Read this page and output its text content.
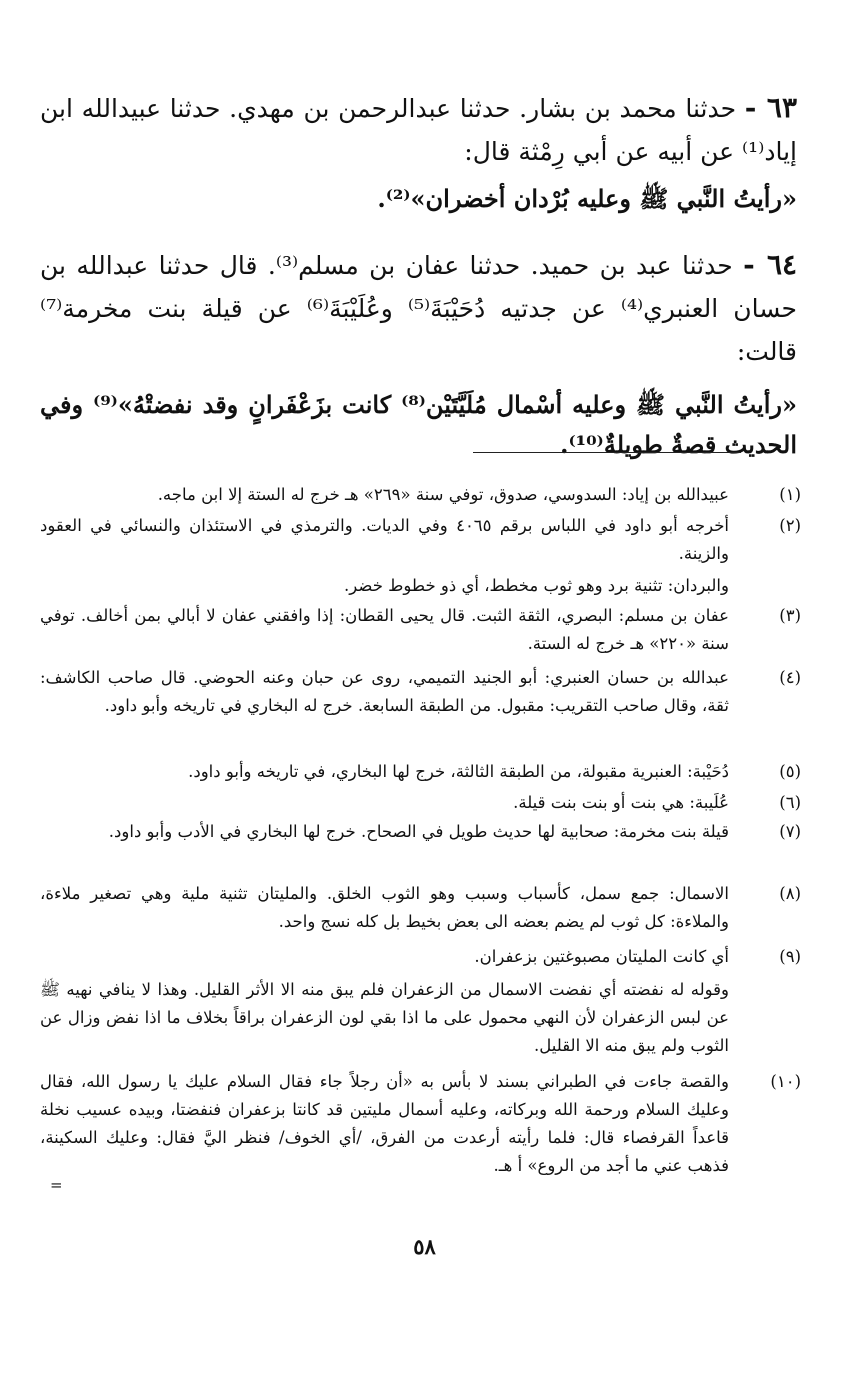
٦٣ - حدثنا محمد بن بشار. حدثنا عبدالرحمن بن مهدي. حدثنا عبيدالله ابن إياد⁽¹⁾ عن أبيه عن أبي رِمْثة قال:

«رأيتُ النَّبي ﷺ وعليه بُرْدان أخضران»⁽²⁾.

٦٤ - حدثنا عبد بن حميد. حدثنا عفان بن مسلم⁽³⁾. قال حدثنا عبدالله بن حسان العنبري⁽⁴⁾ عن جدتيه دُحَيْبَةَ⁽⁵⁾ وعُلَيْبَةَ⁽⁶⁾ عن قيلة بنت مخرمة⁽⁷⁾ قالت:

«رأيتُ النَّبي ﷺ وعليه أسْمال مُلَيَّتَيْن⁽⁸⁾ كانت بزَعْفَرانٍ وقد نفضتْهُ»⁽⁹⁾ وفي الحديث قصةٌ طويلةٌ⁽¹⁰⁾.

(١)
عبيدالله بن إياد: السدوسي، صدوق، توفي سنة «٢٦٩» هـ خرج له الستة إلا ابن ماجه.
(٢)
أخرجه أبو داود في اللباس برقم ٤٠٦٥ وفي الديات. والترمذي في الاستئذان والنسائي في العقود والزينة.
والبردان: تثنية برد وهو ثوب مخطط، أي ذو خطوط خضر.
(٣)
عفان بن مسلم: البصري، الثقة الثبت. قال يحيى القطان: إذا وافقني عفان لا أبالي بمن أخالف. توفي سنة «٢٢٠» هـ خرج له الستة.
(٤)
عبدالله بن حسان العنبري: أبو الجنيد التميمي، روى عن حبان وعنه الحوضي. قال صاحب الكاشف: ثقة، وقال صاحب التقريب: مقبول. من الطبقة السابعة. خرج له البخاري في تاريخه وأبو داود.
(٥)
دُحَيْبة: العنبرية مقبولة، من الطبقة الثالثة، خرج لها البخاري، في تاريخه وأبو داود.
(٦)
عُلَيبة: هي بنت أو بنت بنت قيلة.
(٧)
قيلة بنت مخرمة: صحابية لها حديث طويل في الصحاح. خرج لها البخاري في الأدب وأبو داود.
(٨)
الاسمال: جمع سمل، كأسباب وسبب وهو الثوب الخلق. والمليتان تثنية ملية وهي تصغير ملاءة، والملاءة: كل ثوب لم يضم بعضه الى بعض بخيط بل كله نسج واحد.
(٩)
أي كانت المليتان مصبوغتين بزعفران.
وقوله له نفضته أي نفضت الاسمال من الزعفران فلم يبق منه الا الأثر القليل. وهذا لا ينافي نهيه ﷺ عن لبس الزعفران لأن النهي محمول على ما اذا بقي لون الزعفران براقاً بخلاف ما اذا نفض وزال عن الثوب ولم يبق منه الا القليل.
(١٠)
والقصة جاءت في الطبراني بسند لا بأس به «أن رجلاً جاء فقال السلام عليك يا رسول الله، فقال وعليك السلام ورحمة الله وبركاته، وعليه أسمال مليتين قد كانتا بزعفران فنفضتا، وبيده عسيب نخلة قاعداً القرفصاء قال: فلما رأيته أرعدت من الفرق، /أي الخوف/ فنظر اليَّ فقال: وعليك السكينة، فذهب عني ما أجد من الروع» أ هـ.
=
٥٨
